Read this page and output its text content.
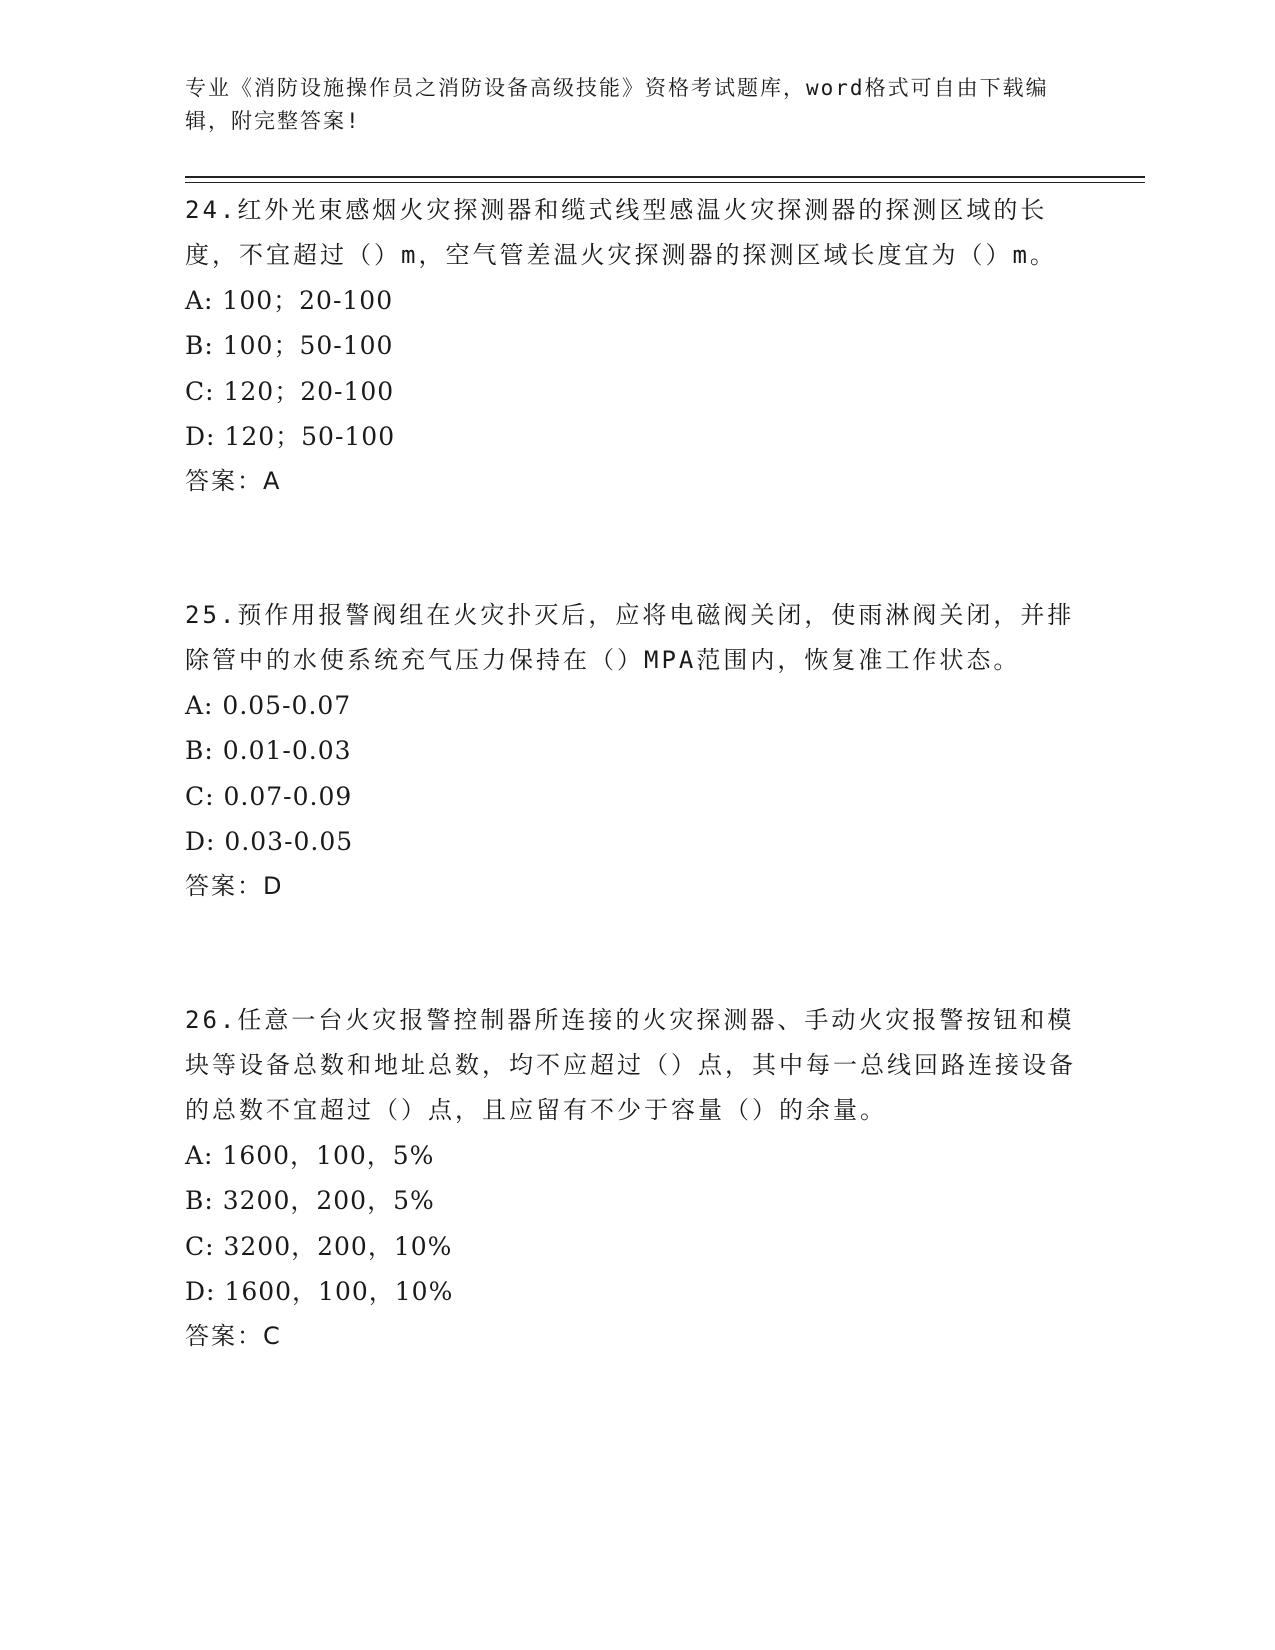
专业《消防设施操作员之消防设备高级技能》资格考试题库，word格式可自由下载编辑，附完整答案!
24.红外光束感烟火灾探测器和缆式线型感温火灾探测器的探测区域的长度，不宜超过（）m，空气管差温火灾探测器的探测区域长度宜为（）m。
A: 100；20-100
B: 100；50-100
C: 120；20-100
D: 120；50-100
答案：A
25.预作用报警阀组在火灾扑灭后，应将电磁阀关闭，使雨淋阀关闭，并排除管中的水使系统充气压力保持在（）MPA范围内，恢复准工作状态。
A: 0.05-0.07
B: 0.01-0.03
C: 0.07-0.09
D: 0.03-0.05
答案：D
26.任意一台火灾报警控制器所连接的火灾探测器、手动火灾报警按钮和模块等设备总数和地址总数，均不应超过（）点，其中每一总线回路连接设备的总数不宜超过（）点，且应留有不少于容量（）的余量。
A: 1600，100，5%
B: 3200，200，5%
C: 3200，200，10%
D: 1600，100，10%
答案：C
